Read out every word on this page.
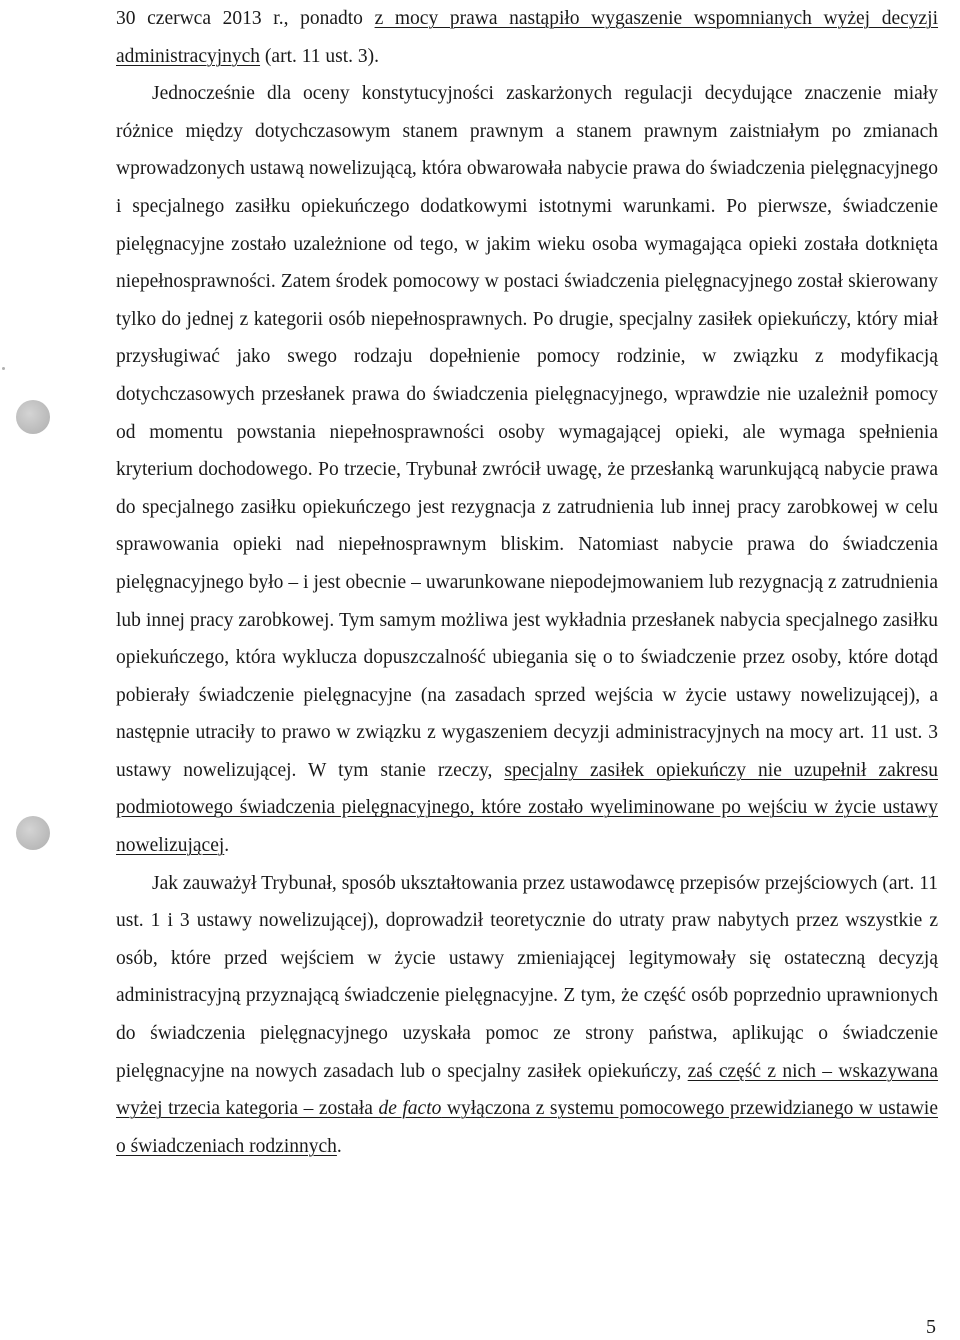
30 czerwca 2013 r., ponadto z mocy prawa nastąpiło wygaszenie wspomnianych wyżej decyzji administracyjnych (art. 11 ust. 3).

Jednocześnie dla oceny konstytucyjności zaskarżonych regulacji decydujące znaczenie miały różnice między dotychczasowym stanem prawnym a stanem prawnym zaistniałym po zmianach wprowadzonych ustawą nowelizującą, która obwarowała nabycie prawa do świadczenia pielęgnacyjnego i specjalnego zasiłku opiekuńczego dodatkowymi istotnymi warunkami. Po pierwsze, świadczenie pielęgnacyjne zostało uzależnione od tego, w jakim wieku osoba wymagająca opieki została dotknięta niepełnosprawności. Zatem środek pomocowy w postaci świadczenia pielęgnacyjnego został skierowany tylko do jednej z kategorii osób niepełnosprawnych. Po drugie, specjalny zasiłek opiekuńczy, który miał przysługiwać jako swego rodzaju dopełnienie pomocy rodzinie, w związku z modyfikacją dotychczasowych przesłanek prawa do świadczenia pielęgnacyjnego, wprawdzie nie uzależnił pomocy od momentu powstania niepełnosprawności osoby wymagającej opieki, ale wymaga spełnienia kryterium dochodowego. Po trzecie, Trybunał zwrócił uwagę, że przesłanką warunkującą nabycie prawa do specjalnego zasiłku opiekuńczego jest rezygnacja z zatrudnienia lub innej pracy zarobkowej w celu sprawowania opieki nad niepełnosprawnym bliskim. Natomiast nabycie prawa do świadczenia pielęgnacyjnego było – i jest obecnie – uwarunkowane niepodejmowaniem lub rezygnacją z zatrudnienia lub innej pracy zarobkowej. Tym samym możliwa jest wykładnia przesłanek nabycia specjalnego zasiłku opiekuńczego, która wyklucza dopuszczalność ubiegania się o to świadczenie przez osoby, które dotąd pobierały świadczenie pielęgnacyjne (na zasadach sprzed wejścia w życie ustawy nowelizującej), a następnie utraciły to prawo w związku z wygaszeniem decyzji administracyjnych na mocy art. 11 ust. 3 ustawy nowelizującej. W tym stanie rzeczy, specjalny zasiłek opiekuńczy nie uzupełnił zakresu podmiotowego świadczenia pielęgnacyjnego, które zostało wyeliminowane po wejściu w życie ustawy nowelizującej.

Jak zauważył Trybunał, sposób ukształtowania przez ustawodawcę przepisów przejściowych (art. 11 ust. 1 i 3 ustawy nowelizującej), doprowadził teoretycznie do utraty praw nabytych przez wszystkie z osób, które przed wejściem w życie ustawy zmieniającej legitymowały się ostateczną decyzją administracyjną przyznającą świadczenie pielęgnacyjne. Z tym, że część osób poprzednio uprawnionych do świadczenia pielęgnacyjnego uzyskała pomoc ze strony państwa, aplikując o świadczenie pielęgnacyjne na nowych zasadach lub o specjalny zasiłek opiekuńczy, zaś część z nich – wskazywana wyżej trzecia kategoria – została de facto wyłączona z systemu pomocowego przewidzianego w ustawie o świadczeniach rodzinnych.

5
